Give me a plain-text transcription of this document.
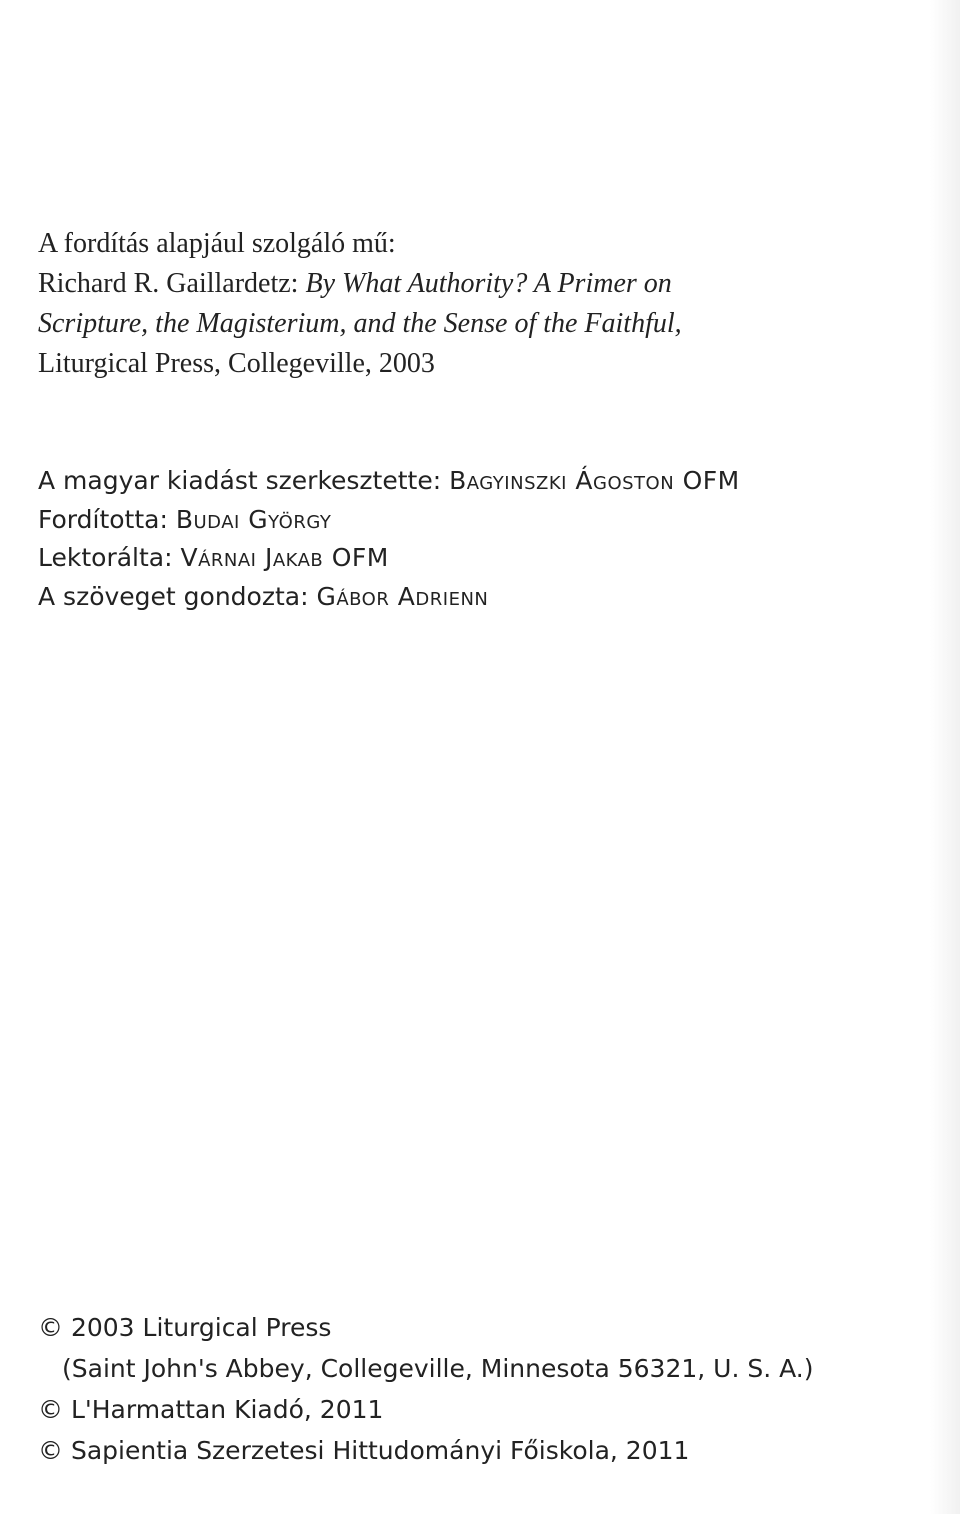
A fordítás alapjául szolgáló mű:
Richard R. Gaillardetz: By What Authority? A Primer on
Scripture, the Magisterium, and the Sense of the Faithful,
Liturgical Press, Collegeville, 2003
A magyar kiadást szerkesztette: Bagyinszki Ágoston OFM
Fordította: Budai György
Lektorálta: Várnai Jakab OFM
A szöveget gondozta: Gábor Adrienn
© 2003 Liturgical Press
(Saint John's Abbey, Collegeville, Minnesota 56321, U. S. A.)
© L'Harmattan Kiadó, 2011
© Sapientia Szerzetesi Hittudományi Főiskola, 2011
